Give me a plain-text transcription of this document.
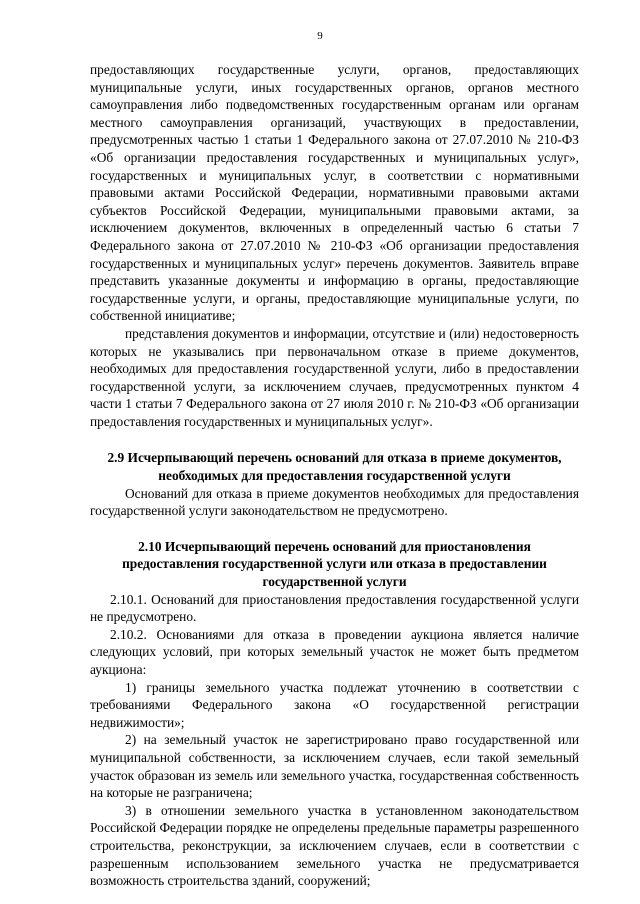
9

предоставляющих государственные услуги, органов, предоставляющих муниципальные услуги, иных государственных органов, органов местного самоуправления либо подведомственных государственным органам или органам местного самоуправления организаций, участвующих в предоставлении, предусмотренных частью 1 статьи 1 Федерального закона от 27.07.2010 № 210-ФЗ «Об организации предоставления государственных и муниципальных услуг», государственных и муниципальных услуг, в соответствии с нормативными правовыми актами Российской Федерации, нормативными правовыми актами субъектов Российской Федерации, муниципальными правовыми актами, за исключением документов, включенных в определенный частью 6 статьи 7 Федерального закона от 27.07.2010 № 210-ФЗ «Об организации предоставления государственных и муниципальных услуг» перечень документов. Заявитель вправе представить указанные документы и информацию в органы, предоставляющие государственные услуги, и органы, предоставляющие муниципальные услуги, по собственной инициативе;

представления документов и информации, отсутствие и (или) недостоверность которых не указывались при первоначальном отказе в приеме документов, необходимых для предоставления государственной услуги, либо в предоставлении государственной услуги, за исключением случаев, предусмотренных пунктом 4 части 1 статьи 7 Федерального закона от 27 июля 2010 г. № 210-ФЗ «Об организации предоставления государственных и муниципальных услуг».

2.9 Исчерпывающий перечень оснований для отказа в приеме документов, необходимых для предоставления государственной услуги

Оснований для отказа в приеме документов необходимых для предоставления государственной услуги законодательством не предусмотрено.

2.10 Исчерпывающий перечень оснований для приостановления предоставления государственной услуги или отказа в предоставлении государственной услуги

2.10.1. Оснований для приостановления предоставления государственной услуги не предусмотрено.

2.10.2. Основаниями для отказа в проведении аукциона является наличие следующих условий, при которых земельный участок не может быть предметом аукциона:

1) границы земельного участка подлежат уточнению в соответствии с требованиями Федерального закона «О государственной регистрации недвижимости»;

2) на земельный участок не зарегистрировано право государственной или муниципальной собственности, за исключением случаев, если такой земельный участок образован из земель или земельного участка, государственная собственность на которые не разграничена;

3) в отношении земельного участка в установленном законодательством Российской Федерации порядке не определены предельные параметры разрешенного строительства, реконструкции, за исключением случаев, если в соответствии с разрешенным использованием земельного участка не предусматривается возможность строительства зданий, сооружений;
